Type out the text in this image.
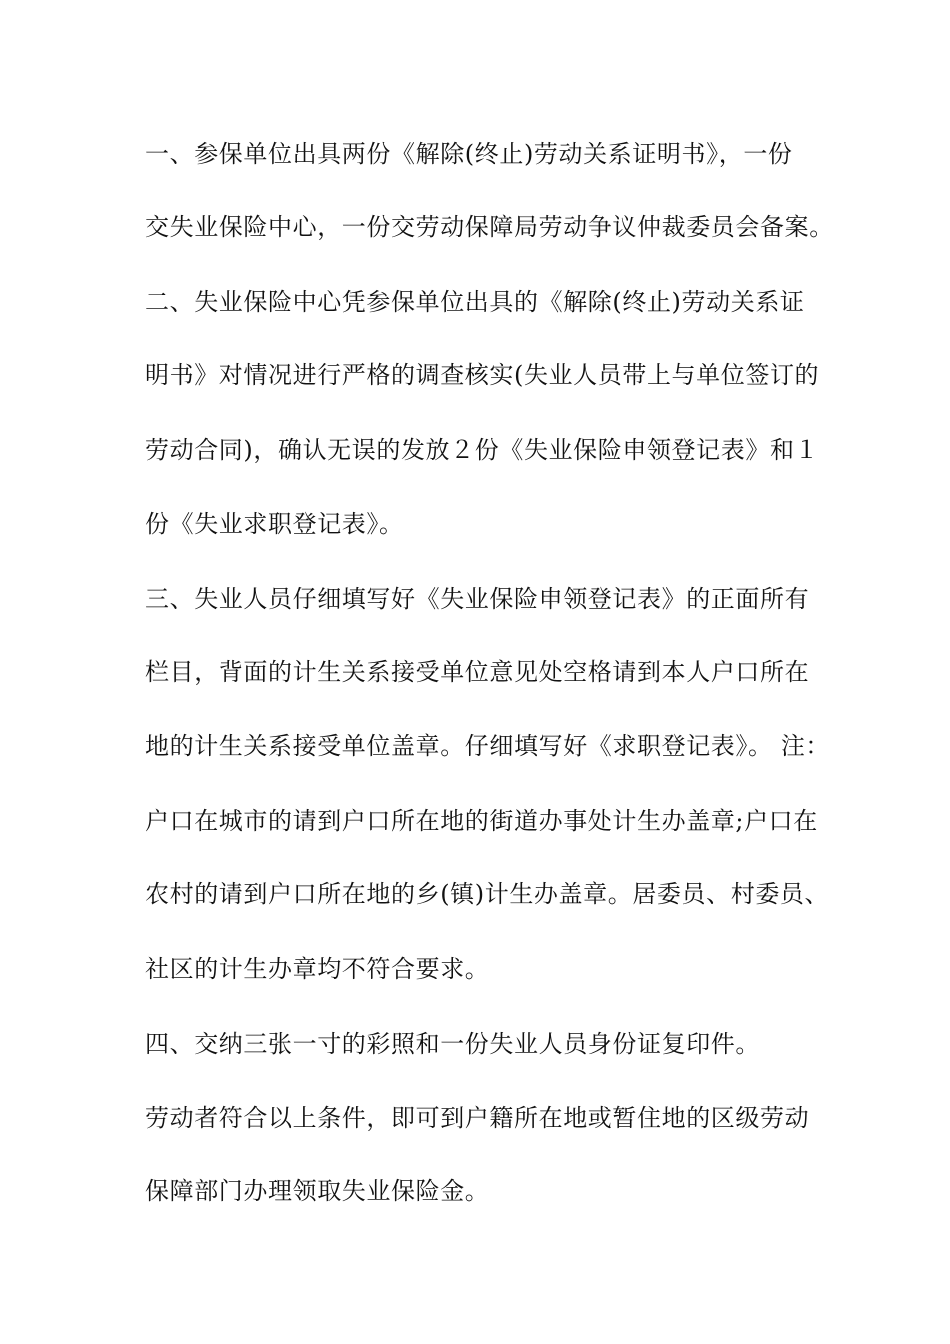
一、参保单位出具两份《解除(终止)劳动关系证明书》，一份
交失业保险中心，一份交劳动保障局劳动争议仲裁委员会备案。
二、失业保险中心凭参保单位出具的《解除(终止)劳动关系证
明书》对情况进行严格的调查核实(失业人员带上与单位签订的
劳动合同)，确认无误的发放２份《失业保险申领登记表》和１
份《失业求职登记表》。
三、失业人员仔细填写好《失业保险申领登记表》的正面所有
栏目，背面的计生关系接受单位意见处空格请到本人户口所在
地的计生关系接受单位盖章。仔细填写好《求职登记表》。 注：
户口在城市的请到户口所在地的街道办事处计生办盖章;户口在
农村的请到户口所在地的乡(镇)计生办盖章。居委员、村委员、
社区的计生办章均不符合要求。
四、交纳三张一寸的彩照和一份失业人员身份证复印件。
劳动者符合以上条件，即可到户籍所在地或暂住地的区级劳动
保障部门办理领取失业保险金。
